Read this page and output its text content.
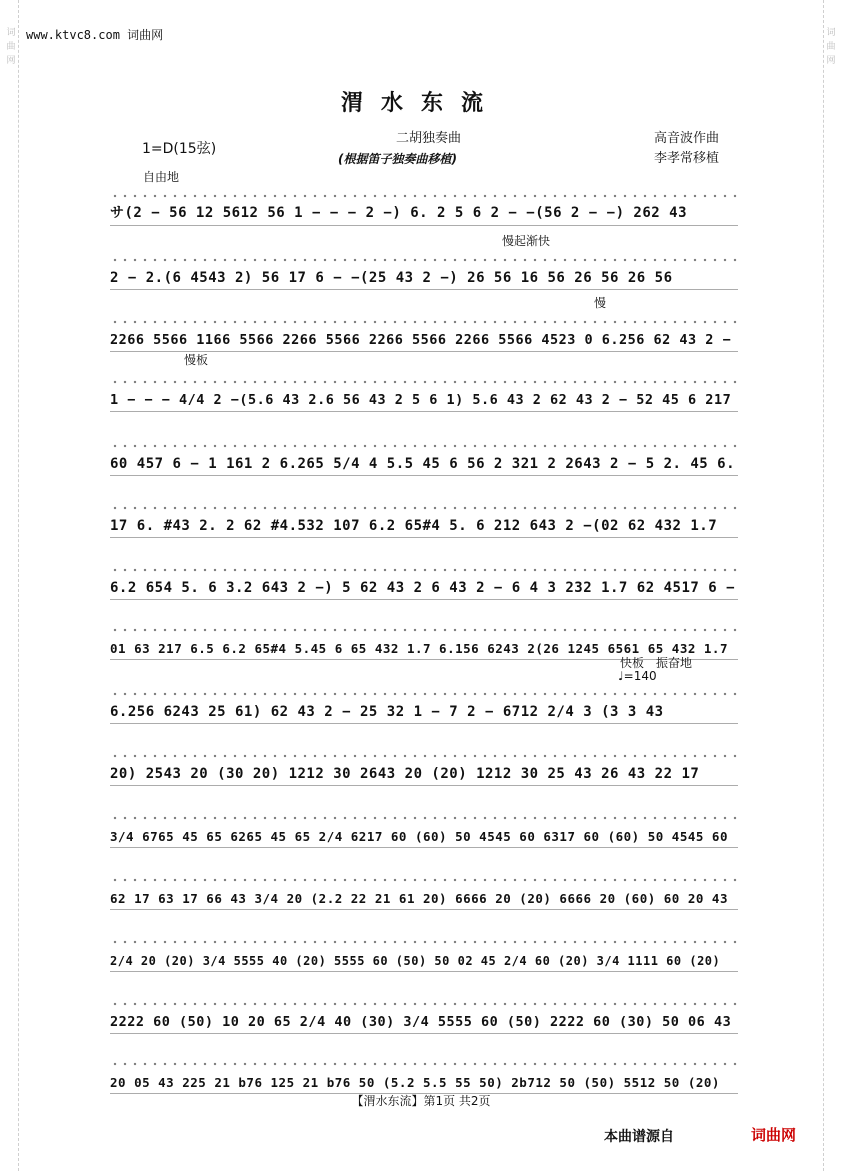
词曲网
词曲网
www.ktvc8.com 词曲网
渭水东流
二胡独奏曲
(根据笛子独奏曲移植)
1=D(15弦)
高音波作曲
李孝常移植
自由地
慢起渐快
慢
慢板
快板　振奋地
♩=140
サ(2 − 56 12 5612 56 1 − − − 2 −) 6. 2 5 6 2 − −(56 2 − −) 262 43
2 − 2.(6 4543 2) 56 17 6 − −(25 43 2 −) 26 56 16 56 26 56 26 56
2266 5566 1166 5566 2266 5566 2266 5566 2266 5566 4523 0 6.256 62 43 2 −
1 − − − 4/4 2 −(5.6 43 2.6 56 43 2 5 6 1) 5.6 43 2 62 43 2 − 52 45 6 217
60 457 6 − 1 161 2 6.265 5/4 4 5.5 45 6 56 2 321 2 2643 2 − 5 2. 45 6.
17 6. #43 2. 2 62 #4.532 107 6.2 65#4 5. 6 212 643 2 −(02 62 432 1.7
6.2 654 5. 6 3.2 643 2 −) 5 62 43 2 6 43 2 − 6 4 3 232 1.7 62 4517 6 −
01 63 217 6.5 6.2 65#4 5.45 6 65 432 1.7 6.156 6243 2(26 1245 6561 65 432 1.7
6.256 6243 25 61) 62 43 2 − 25 32 1 − 7 2 − 6712 2/4 3 (3 3 43
20) 2543 20 (30 20) 1212 30 2643 20 (20) 1212 30 25 43 26 43 22 17
3/4 6765 45 65 6265 45 65 2/4 6217 60 (60) 50 4545 60 6317 60 (60) 50 4545 60
62 17 63 17 66 43 3/4 20 (2.2 22 21 61 20) 6666 20 (20) 6666 20 (60) 60 20 43
2/4 20 (20) 3/4 5555 40 (20) 5555 60 (50) 50 02 45 2/4 60 (20) 3/4 1111 60 (20)
2222 60 (50) 10 20 65 2/4 40 (30) 3/4 5555 60 (50) 2222 60 (30) 50 06 43
20 05 43 225 21 b76 125 21 b76 50 (5.2 5.5 55 50) 2b712 50 (50) 5512 50 (20)
【渭水东流】第1页 共2页
本曲谱源自	词曲网
